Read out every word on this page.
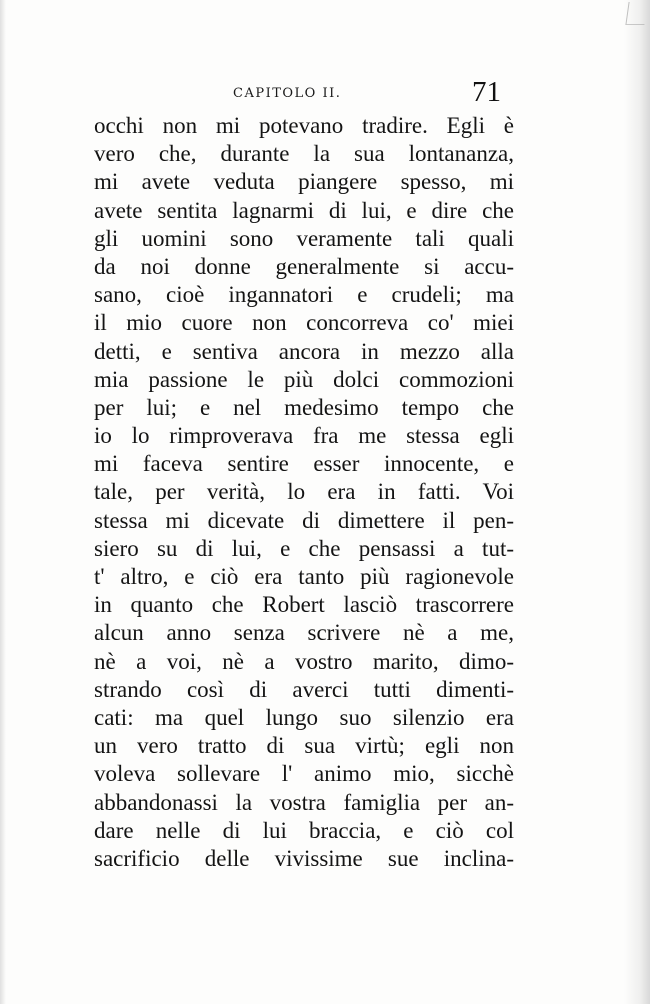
CAPITOLO II.	71
occhi non mi potevano tradire. Egli è
vero che, durante la sua lontananza,
mi avete veduta piangere spesso, mi
avete sentita lagnarmi di lui, e dire che
gli uomini sono veramente tali quali
da noi donne generalmente si accu-
sano, cioè ingannatori e crudeli; ma
il mio cuore non concorreva co' miei
detti, e sentiva ancora in mezzo alla
mia passione le più dolci commozioni
per lui; e nel medesimo tempo che
io lo rimproverava fra me stessa egli
mi faceva sentire esser innocente, e
tale, per verità, lo era in fatti. Voi
stessa mi dicevate di dimettere il pen-
siero su di lui, e che pensassi a tut-
t' altro, e ciò era tanto più ragionevole
in quanto che Robert lasciò trascorrere
alcun anno senza scrivere nè a me,
nè a voi, nè a vostro marito, dimo-
strando così di averci tutti dimenti-
cati: ma quel lungo suo silenzio era
un vero tratto di sua virtù; egli non
voleva sollevare l' animo mio, sicchè
abbandonassi la vostra famiglia per an-
dare nelle di lui braccia, e ciò col
sacrificio delle vivissime sue inclina-
